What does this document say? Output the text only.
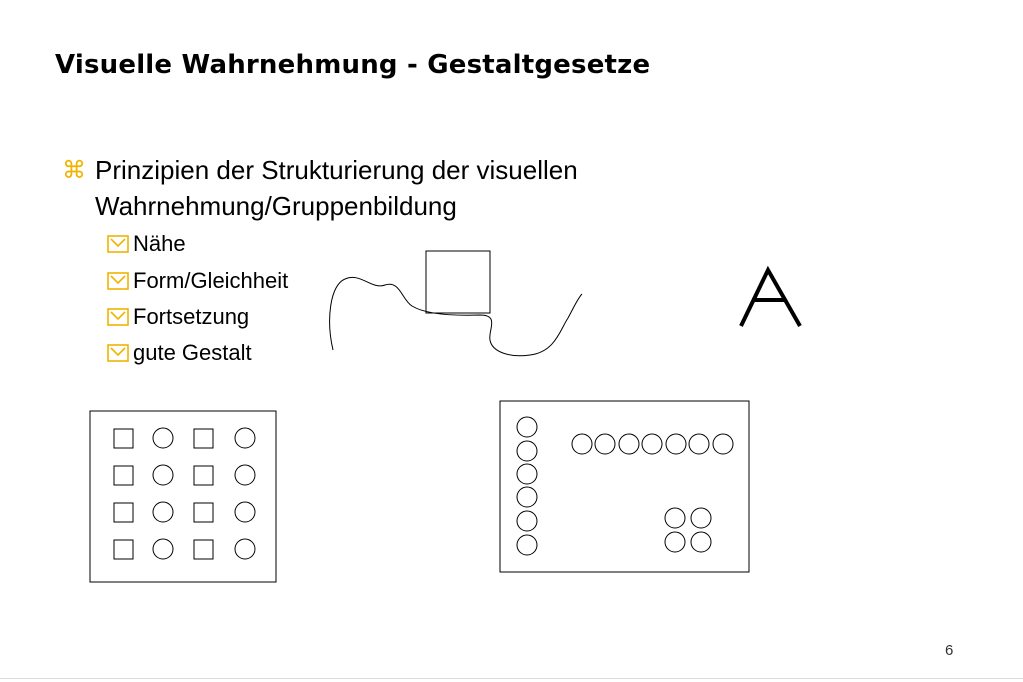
Visuelle Wahrnehmung - Gestaltgesetze
⌘ Prinzipien der Strukturierung der visuellen Wahrnehmung/Gruppenbildung
Nähe
Form/Gleichheit
Fortsetzung
gute Gestalt
6
